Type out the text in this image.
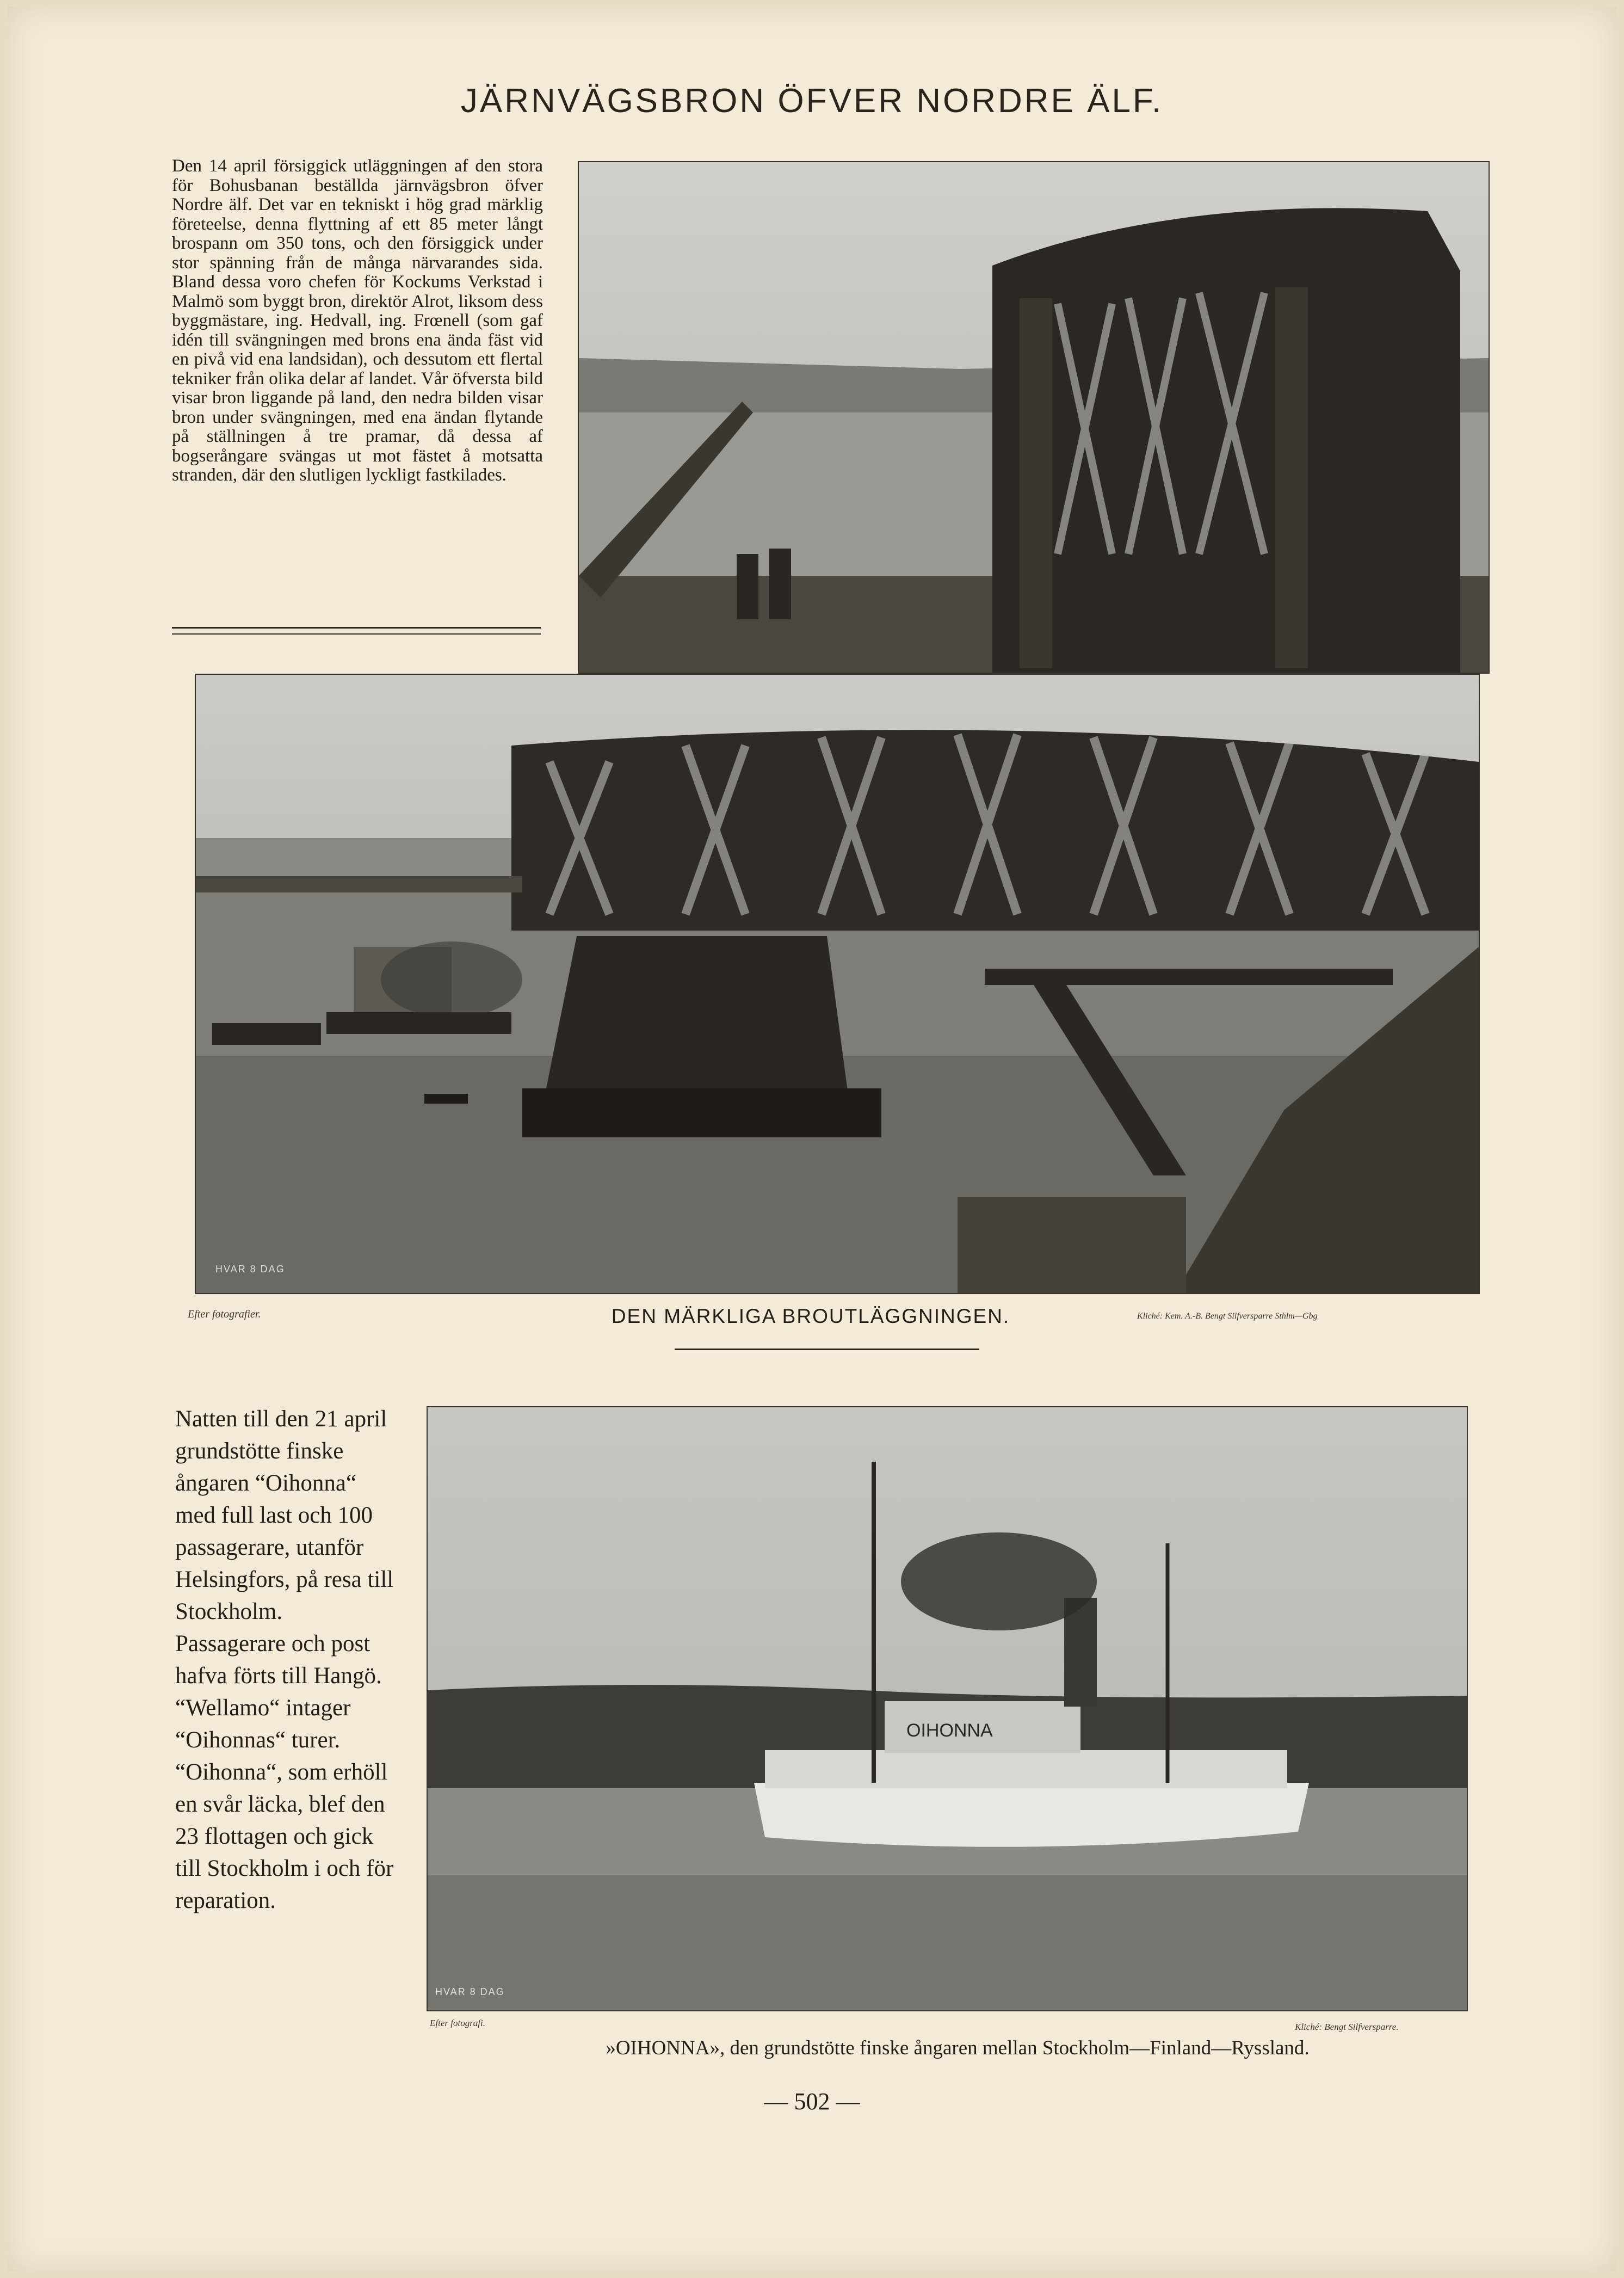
JÄRNVÄGSBRON ÖFVER NORDRE ÄLF.
Den 14 april försiggick utläggningen af den stora för Bohusbanan beställda järnvägsbron öfver Nordre älf. Det var en tekniskt i hög grad märklig företeelse, denna flyttning af ett 85 meter långt brospann om 350 tons, och den försiggick under stor spänning från de många närvarandes sida. Bland dessa voro chefen för Kockums Verkstad i Malmö som byggt bron, direktör Alrot, liksom dess byggmästare, ing. Hedvall, ing. Frœnell (som gaf idén till svängningen med brons ena ända fäst vid en pivå vid ena landsidan), och dessutom ett flertal tekniker från olika delar af landet. Vår öfversta bild visar bron liggande på land, den nedra bilden visar bron under svängningen, med ena ändan flytande på ställningen å tre pramar, då dessa af bogserångare svängas ut mot fästet å motsatta stranden, där den slutligen lyckligt fastkilades.
HVAR 8 DAG
Efter fotografier.	DEN MÄRKLIGA BROUTLÄGGNINGEN.	Kliché: Kem. A.-B. Bengt Silfversparre Sthlm—Gbg
Natten till den 21 april grundstötte finske ångaren “Oihonna“ med full last och 100 passagerare, utanför Helsingfors, på resa till Stockholm. Passagerare och post hafva förts till Hangö. “Wellamo“ intager “Oihonnas“ turer. “Oihonna“, som erhöll en svår läcka, blef den 23 flottagen och gick till Stockholm i och för reparation.
OIHONNA
HVAR 8 DAG
Efter fotografi.	Kliché: Bengt Silfversparre.
»OIHONNA», den grundstötte finske ångaren mellan Stockholm—Finland—Ryssland.
— 502 —
